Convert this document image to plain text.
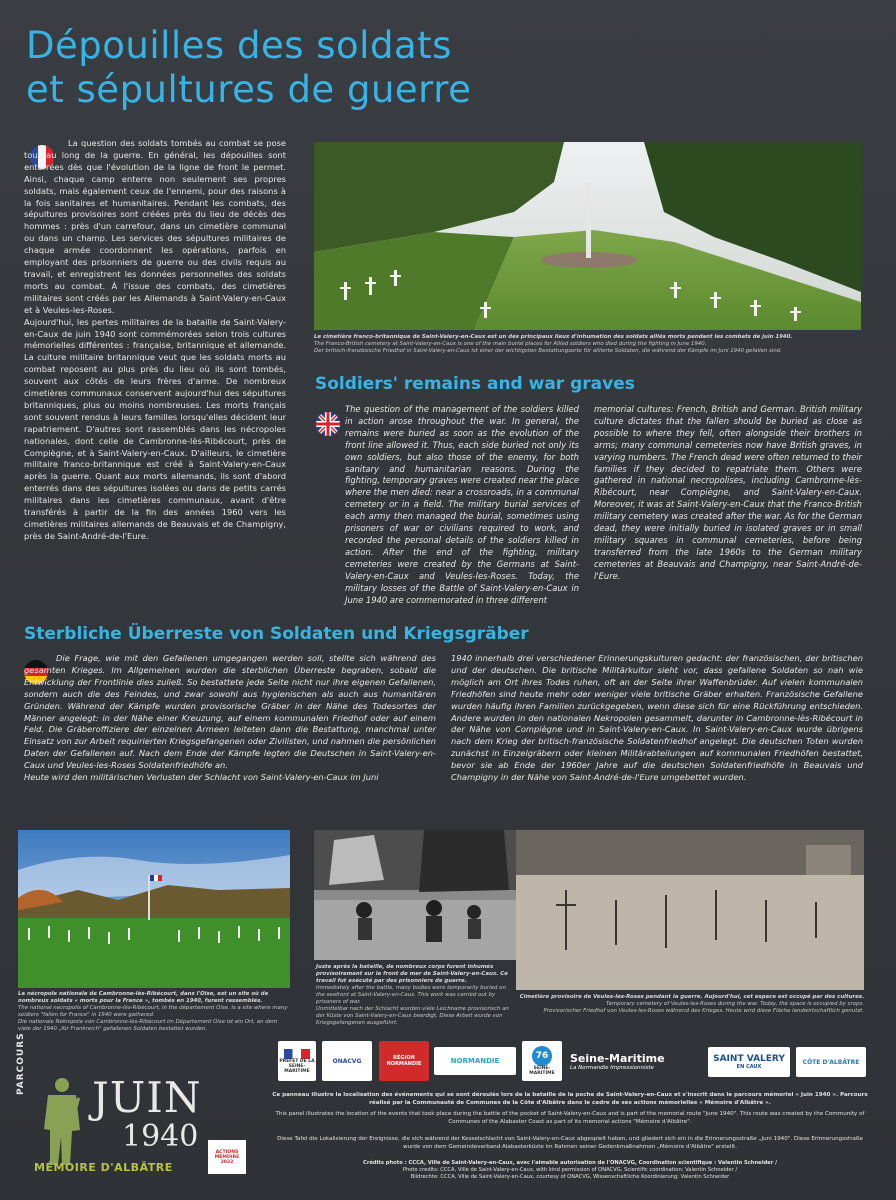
Dépouilles des soldats
et sépultures de guerre

La question des soldats tombés au combat se pose tout au long de la guerre. En général, les dépouilles sont enterrées dès que l'évolution de la ligne de front le permet. Ainsi, chaque camp enterre non seulement ses propres soldats, mais également ceux de l'ennemi, pour des raisons à la fois sanitaires et humanitaires. Pendant les combats, des sépultures provisoires sont créées près du lieu de décès des hommes : près d'un carrefour, dans un cimetière communal ou dans un champ. Les services des sépultures militaires de chaque armée coordonnent les opérations, parfois en employant des prisonniers de guerre ou des civils requis au travail, et enregistrent les données personnelles des soldats morts au combat. À l'issue des combats, des cimetières militaires sont créés par les Allemands à Saint-Valery-en-Caux et à Veules-les-Roses.

Aujourd'hui, les pertes militaires de la bataille de Saint-Valery-en-Caux de juin 1940 sont commémorées selon trois cultures mémorielles différentes : française, britannique et allemande. La culture militaire britannique veut que les soldats morts au combat reposent au plus près du lieu où ils sont tombés, souvent aux côtés de leurs frères d'arme. De nombreux cimetières communaux conservent aujourd'hui des sépultures britanniques, plus ou moins nombreuses. Les morts français sont souvent rendus à leurs familles lorsqu'elles décident leur rapatriement. D'autres sont rassemblés dans les nécropoles nationales, dont celle de Cambronne-lès-Ribécourt, près de Compiègne, et à Saint-Valery-en-Caux. D'ailleurs, le cimetière militaire franco-britannique est créé à Saint-Valery-en-Caux après la guerre. Quant aux morts allemands, ils sont d'abord enterrés dans des sépultures isolées ou dans de petits carrés militaires dans les cimetières communaux, avant d'être transférés à partir de la fin des années 1960 vers les cimetières militaires allemands de Beauvais et de Champigny, près de Saint-André-de-l'Eure.

Le cimetière franco-britannique de Saint-Valery-en-Caux est un des principaux lieux d'inhumation des soldats alliés morts pendant les combats de juin 1940.
The Franco-British cemetery at Saint-Valery-en-Caux is one of the main burial places for Allied soldiers who died during the fighting in June 1940.
Der britisch-französische Friedhof in Saint-Valery-en-Caux ist einer der wichtigsten Bestattungsorte für alliierte Soldaten, die während der Kämpfe im Juni 1940 gefallen sind.
Soldiers' remains and war graves
The question of the management of the soldiers killed in action arose throughout the war. In general, the remains were buried as soon as the evolution of the front line allowed it. Thus, each side buried not only its own soldiers, but also those of the enemy, for both sanitary and humanitarian reasons. During the fighting, temporary graves were created near the place where the men died: near a crossroads, in a communal cemetery or in a field. The military burial services of each army then managed the burial, sometimes using prisoners of war or civilians required to work, and recorded the personal details of the soldiers killed in action. After the end of the fighting, military cemeteries were created by the Germans at Saint-Valery-en-Caux and Veules-les-Roses. Today, the military losses of the Battle of Saint-Valery-en-Caux in June 1940 are commemorated in three different
memorial cultures: French, British and German. British military culture dictates that the fallen should be buried as close as possible to where they fell, often alongside their brothers in arms; many communal cemeteries now have British graves, in varying numbers. The French dead were often returned to their families if they decided to repatriate them. Others were gathered in national necropolises, including Cambronne-lès-Ribécourt, near Compiègne, and Saint-Valery-en-Caux. Moreover, it was at Saint-Valery-en-Caux that the Franco-British military cemetery was created after the war. As for the German dead, they were initially buried in isolated graves or in small military squares in communal cemeteries, before being transferred from the late 1960s to the German military cemeteries at Beauvais and Champigny, near Saint-André-de-l'Eure.
Sterbliche Überreste von Soldaten und Kriegsgräber
Die Frage, wie mit den Gefallenen umgegangen werden soll, stellte sich während des gesamten Krieges. Im Allgemeinen wurden die sterblichen Überreste begraben, sobald die Entwicklung der Frontlinie dies zuließ. So bestattete jede Seite nicht nur ihre eigenen Gefallenen, sondern auch die des Feindes, und zwar sowohl aus hygienischen als auch aus humanitären Gründen. Während der Kämpfe wurden provisorische Gräber in der Nähe des Todesortes der Männer angelegt: in der Nähe einer Kreuzung, auf einem kommunalen Friedhof oder auf einem Feld. Die Gräberoffiziere der einzelnen Armeen leiteten dann die Bestattung, manchmal unter Einsatz von zur Arbeit requirierten Kriegsgefangenen oder Zivilisten, und nahmen die persönlichen Daten der Gefallenen auf. Nach dem Ende der Kämpfe legten die Deutschen in Saint-Valery-en-Caux und Veules-les-Roses Soldatenfriedhöfe an.
Heute wird den militärischen Verlusten der Schlacht von Saint-Valery-en-Caux im Juni
1940 innerhalb drei verschiedener Erinnerungskulturen gedacht: der französischen, der britischen und der deutschen. Die britische Militärkultur sieht vor, dass gefallene Soldaten so nah wie möglich am Ort ihres Todes ruhen, oft an der Seite ihrer Waffenbrüder. Auf vielen kommunalen Friedhöfen sind heute mehr oder weniger viele britische Gräber erhalten. Französische Gefallene wurden häufig ihren Familien zurückgegeben, wenn diese sich für eine Rückführung entschieden. Andere wurden in den nationalen Nekropolen gesammelt, darunter in Cambronne-lès-Ribécourt in der Nähe von Compiègne und in Saint-Valery-en-Caux. In Saint-Valery-en-Caux wurde übrigens nach dem Krieg der britisch-französische Soldatenfriedhof angelegt. Die deutschen Toten wurden zunächst in Einzelgräbern oder kleinen Militärabteilungen auf kommunalen Friedhöfen bestattet, bevor sie ab Ende der 1960er Jahre auf die deutschen Soldatenfriedhöfe in Beauvais und Champigny in der Nähe von Saint-André-de-l'Eure umgebettet wurden.
La nécropole nationale de Cambronne-lès-Ribécourt, dans l'Oise, est un site où de nombreux soldats « morts pour la France », tombés en 1940, furent rassemblés.
The national necropolis of Cambronne-lès-Ribécourt, in the département Oise, is a site where many soldiers "fallen for France" in 1940 were gathered.
Die nationale Nekropole von Cambronne-lès-Ribécourt im Département Oise ist ein Ort, an dem viele der 1940 „für Frankreich" gefallenen Soldaten bestattet wurden.
Juste après la bataille, de nombreux corps furent inhumés provisoirement sur le front de mer de Saint-Valery-en-Caux. Ce travail fut exécuté par des prisonniers de guerre.
Immediately after the battle, many bodies were temporarily buried on the seafront at Saint-Valery-en-Caux. This work was carried out by prisoners of war.
Unmittelbar nach der Schlacht wurden viele Leichname provisorisch an der Küste von Saint-Valery-en-Caux beerdigt. Diese Arbeit wurde von Kriegsgefangenen ausgeführt.
Cimetière provisoire de Veules-les-Roses pendant la guerre. Aujourd'hui, cet espace est occupé par des cultures.
Temporary cemetery of Veules-les-Roses during the war. Today, the space is occupied by crops.
Provisorischer Friedhof von Veules-les-Roses während des Krieges. Heute wird diese Fläche landwirtschaftlich genutzt.
PRÉFET DE LA SEINE-MARITIME
ONACVG	RÉGION NORMANDIE	NORMANDIE	76
SEINE-MARITIME
Seine-Maritime
La Normandie Impressionniste
SAINT VALERY
EN CAUX
CÔTE D'ALBÂTRE
Ce panneau illustre la localisation des événements qui se sont déroulés lors de la bataille de la poche de Saint-Valery-en-Caux et s'inscrit dans le parcours mémoriel « Juin 1940 ». Parcours réalisé par la Communauté de Communes de la Côte d'Albâtre dans le cadre de ses actions mémorielles « Mémoire d'Albâtre ».
This panel illustrates the location of the events that took place during the battle of the pocket of Saint-Valery-en-Caux and is part of the memorial route "June 1940". This route was created by the Community of Communes of the Alabaster Coast as part of its memorial actions "Mémoire d'Albâtre".
Diese Tafel die Lokalisierung der Ereignisse, die sich während der Kesselschlacht von Saint-Valery-en-Caux abgespielt haben, und gliedert sich ein in die Erinnerungsstraße „Juni 1940". Diese Erinnerungsstraße wurde von dem Gemeindeverband Alabasterküste im Rahmen seiner Gedenkmaßnahmen „Mémoire d'Albâtre" erstellt.
Crédits photo : CCCA, Ville de Saint-Valery-en-Caux, avec l'aimable autorisation de l'ONACVG, Coordination scientifique : Valentin Schneider /
Photo credits: CCCA, Ville de Saint-Valery-en-Caux, with kind permission of ONACVG, Scientific coordination: Valentin Schneider /
Bildrechte: CCCA, Ville de Saint-Valery-en-Caux, courtesy of ONACVG, Wissenschaftliche Koordinierung: Valentin Schneider
PARCOURS
JUIN
1940
MÉMOIRE D'ALBÂTRE
ACTIONS MÉMOIRE 2022
